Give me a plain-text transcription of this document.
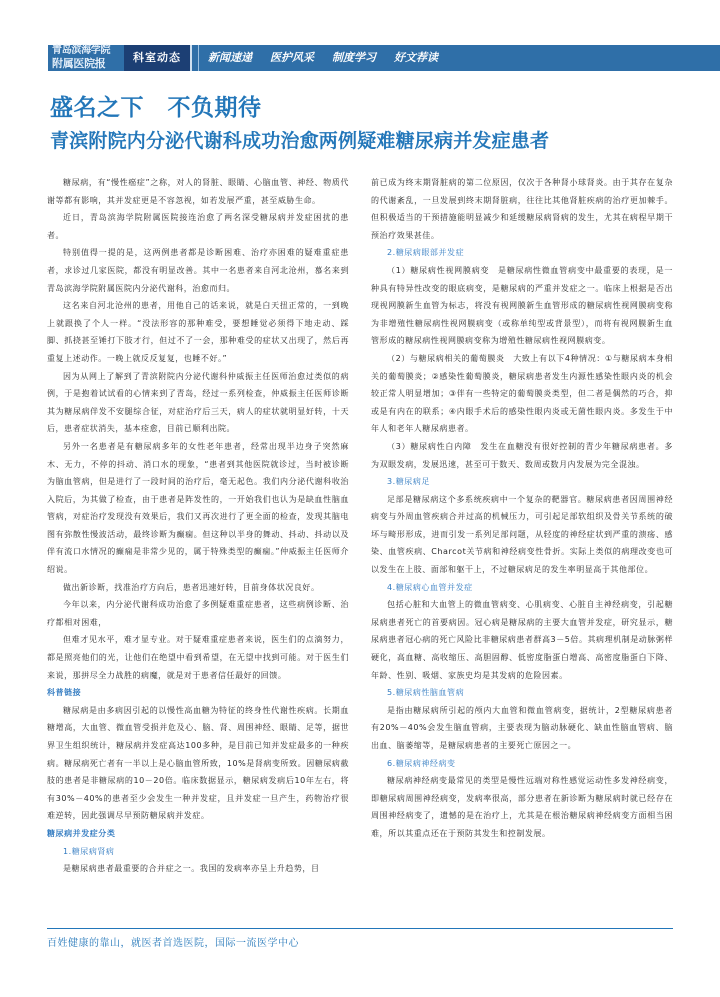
青岛滨海学院
附属医院报	科室动态	新闻速递	医护风采	制度学习	好文荐读
盛名之下　不负期待
青滨附院内分泌代谢科成功治愈两例疑难糖尿病并发症患者

糖尿病，有“慢性癌症”之称，对人的肾脏、眼睛、心脑血管、神经、物质代谢等都有影响，其并发症更是不容忽视，如若发展严重，甚至威胁生命。

近日，青岛滨海学院附属医院接连治愈了两名深受糖尿病并发症困扰的患者。

特别值得一提的是，这两例患者都是诊断困难、治疗亦困难的疑难重症患者，求诊过几家医院，都没有明显改善。其中一名患者来自河北沧州，慕名来到青岛滨海学院附属医院内分泌代谢科，治愈而归。

这名来自河北沧州的患者，用他自己的话来说，就是白天扭正常的，一到晚上就跟换了个人一样。“没法形容的那种难受，要想睡觉必须得下地走动、踩脚、抓挠甚至锤打下肢才行，但过不了一会，那种难受的症状又出现了，然后再重复上述动作。一晚上就反反复复，也睡不好。”

因为从网上了解到了青滨附院内分泌代谢科仲威振主任医师治愈过类似的病例，于是抱着试试看的心情来到了青岛，经过一系列检查，仲威振主任医师诊断其为糖尿病伴发不安腿综合征，对症治疗后三天，病人的症状就明显好转，十天后，患者症状消失，基本痊愈，目前已顺利出院。

另外一名患者是有糖尿病多年的女性老年患者，经常出现半边身子突然麻木、无力，不停的抖动、消口水的现象，“患者到其他医院就诊过，当时被诊断为脑血管病，但是进行了一段时间的治疗后，毫无起色。我们内分泌代谢科收治入院后，为其做了检查，由于患者是阵发性的，一开始我们也认为是缺血性脑血管病，对症治疗发现没有效果后，我们又再次进行了更全面的检查，发现其脑电图有弥散性慢波活动，最终诊断为癫痫。但这种以半身的舞动、抖动、抖动以及伴有流口水情况的癫痫是非常少见的，属于特殊类型的癫痫。”仲威振主任医师介绍说。

做出新诊断，找准治疗方向后，患者迅速好转，目前身体状况良好。

今年以来，内分泌代谢科成功治愈了多例疑难重症患者，这些病例诊断、治疗都相对困难，

但难才见水平，难才显专业。对于疑难重症患者来说，医生们的点滴努力，都是照亮他们的光，让他们在绝望中看到希望，在无望中找到可能。对于医生们来说，那拼尽全力战胜的病魔，就是对于患者信任最好的回馈。

科普链接

糖尿病是由多病因引起的以慢性高血糖为特征的终身性代谢性疾病。长期血糖增高，大血管、微血管受损并危及心、脑、肾、周围神经、眼睛、足等，据世界卫生组织统计，糖尿病并发症高达100多种，是目前已知并发症最多的一种疾病。糖尿病死亡者有一半以上是心脑血管所致，10%是肾病变所致。因糖尿病截肢的患者是非糖尿病的10－20倍。临床数据显示，糖尿病发病后10年左右，将有30%－40%的患者至少会发生一种并发症，且并发症一旦产生，药物治疗很难逆转，因此强调尽早预防糖尿病并发症。

糖尿病并发症分类
1.糖尿病肾病

是糖尿病患者最重要的合并症之一。我国的发病率亦呈上升趋势，目

前已成为终末期肾脏病的第二位原因，仅次于各种肾小球肾炎。由于其存在复杂的代谢紊乱，一旦发展到终末期肾脏病，往往比其他肾脏疾病的治疗更加棘手。但积极适当的干预措施能明显减少和延缓糖尿病肾病的发生，尤其在病程早期干预治疗效果甚佳。

2.糖尿病眼部并发症

（1）糖尿病性视网膜病变　是糖尿病性微血管病变中最重要的表现，是一种具有特异性改变的眼底病变，是糖尿病的严重并发症之一。临床上根据是否出现视网膜新生血管为标志，将没有视网膜新生血管形成的糖尿病性视网膜病变称为非增殖性糖尿病性视网膜病变（或称单纯型或背景型），而将有视网膜新生血管形成的糖尿病性视网膜病变称为增殖性糖尿病性视网膜病变。

（2）与糖尿病相关的葡萄膜炎　大致上有以下4种情况：①与糖尿病本身相关的葡萄膜炎；②感染性葡萄膜炎，糖尿病患者发生内源性感染性眼内炎的机会较正常人明显增加；③伴有一些特定的葡萄膜炎类型，但二者是偶然的巧合，抑或是有内在的联系；④内眼手术后的感染性眼内炎或无菌性眼内炎。多发生于中年人和老年人糖尿病患者。

（3）糖尿病性白内障　发生在血糖没有很好控制的青少年糖尿病患者。多为双眼发病，发展迅速，甚至可于数天、数周或数月内发展为完全混浊。

3.糖尿病足

足部是糖尿病这个多系统疾病中一个复杂的靶器官。糖尿病患者因周围神经病变与外周血管疾病合并过高的机械压力，可引起足部软组织及骨关节系统的破坏与畸形形成，进而引发一系列足部问题，从轻度的神经症状到严重的溃疡、感染、血管疾病、Charcot关节病和神经病变性骨折。实际上类似的病理改变也可以发生在上肢、面部和躯干上，不过糖尿病足的发生率明显高于其他部位。

4.糖尿病心血管并发症

包括心脏和大血管上的微血管病变、心肌病变、心脏自主神经病变，引起糖尿病患者死亡的首要病因。冠心病是糖尿病的主要大血管并发症，研究显示，糖尿病患者冠心病的死亡风险比非糖尿病患者群高3－5倍。其病理机制是动脉粥样硬化，高血糖、高收缩压、高胆固醇、低密度脂蛋白增高、高密度脂蛋白下降、年龄、性别、吸烟、家族史均是其发病的危险因素。

5.糖尿病性脑血管病

是指由糖尿病所引起的颅内大血管和微血管病变，据统计，2型糖尿病患者有20%－40%会发生脑血管病，主要表现为脑动脉硬化、缺血性脑血管病、脑出血、脑萎缩等，是糖尿病患者的主要死亡原因之一。

6.糖尿病神经病变

糖尿病神经病变最常见的类型是慢性远端对称性感觉运动性多发神经病变，即糖尿病周围神经病变，发病率很高，部分患者在新诊断为糖尿病时就已经存在周围神经病变了，遗憾的是在治疗上，尤其是在根治糖尿病神经病变方面相当困难，所以其重点还在于预防其发生和控制发展。

百姓健康的靠山，就医者首选医院，国际一流医学中心
